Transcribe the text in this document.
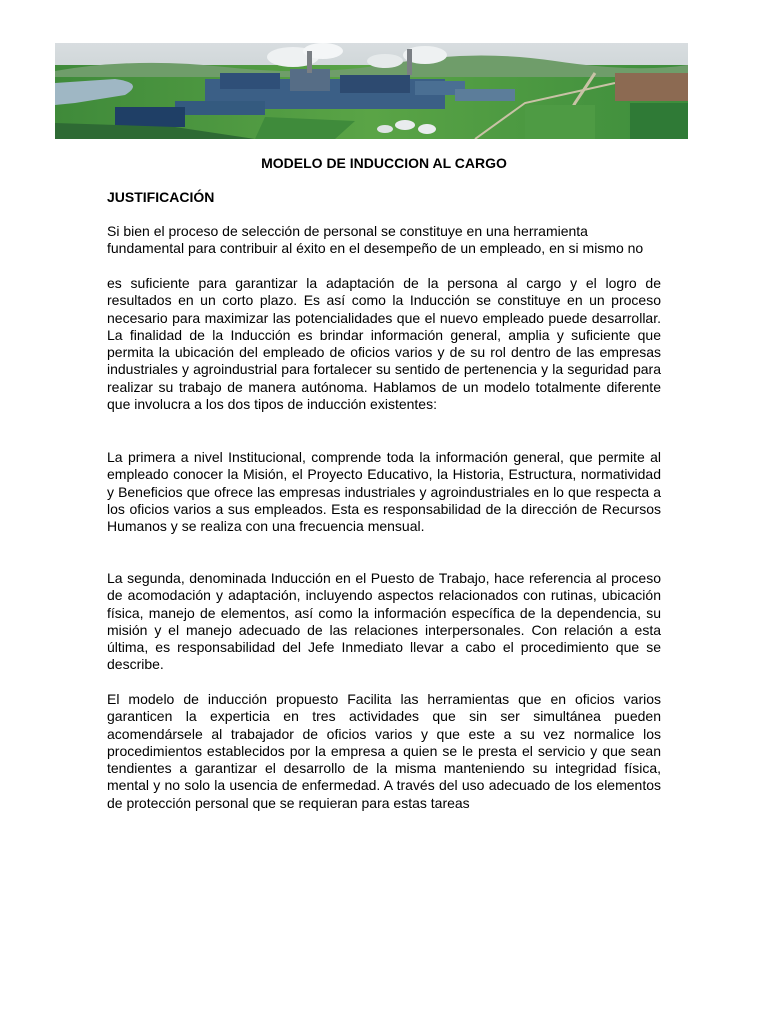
MODELO DE INDUCCION AL CARGO
JUSTIFICACIÓN

Si bien el proceso de selección de personal se constituye en una herramienta fundamental para contribuir al éxito en el desempeño de un empleado, en si mismo no

es suficiente para garantizar la adaptación de la persona al cargo y el logro de resultados en un corto plazo. Es así como la Inducción se constituye en un proceso necesario para maximizar las potencialidades que el nuevo empleado puede desarrollar. La finalidad de la Inducción es brindar información general, amplia y suficiente que permita la ubicación del empleado de oficios varios y de su rol dentro de las empresas industriales y agroindustrial para fortalecer su sentido de pertenencia y la seguridad para realizar su trabajo de manera autónoma. Hablamos de un modelo totalmente diferente que involucra a los dos tipos de inducción existentes:

La primera a nivel Institucional, comprende toda la información general, que permite al empleado conocer la Misión, el Proyecto Educativo, la Historia, Estructura, normatividad y Beneficios que ofrece las empresas industriales y agroindustriales en lo que respecta a los oficios varios a sus empleados. Esta es responsabilidad de la dirección de Recursos Humanos y se realiza con una frecuencia mensual.

La segunda, denominada Inducción en el Puesto de Trabajo, hace referencia al proceso de acomodación y adaptación, incluyendo aspectos relacionados con rutinas, ubicación física, manejo de elementos, así como la información específica de la dependencia, su misión y el manejo adecuado de las relaciones interpersonales. Con relación a esta última, es responsabilidad del Jefe Inmediato llevar a cabo el procedimiento que se describe.

El modelo de inducción propuesto Facilita las herramientas que en oficios varios garanticen la experticia en tres actividades que sin ser simultánea pueden acomendársele al trabajador de oficios varios y que este a su vez normalice los procedimientos establecidos por la empresa a quien se le presta el servicio y que sean tendientes a garantizar el desarrollo de la misma manteniendo su integridad física, mental y no solo la usencia de enfermedad. A través del uso adecuado de los elementos de protección personal que se requieran para estas tareas
